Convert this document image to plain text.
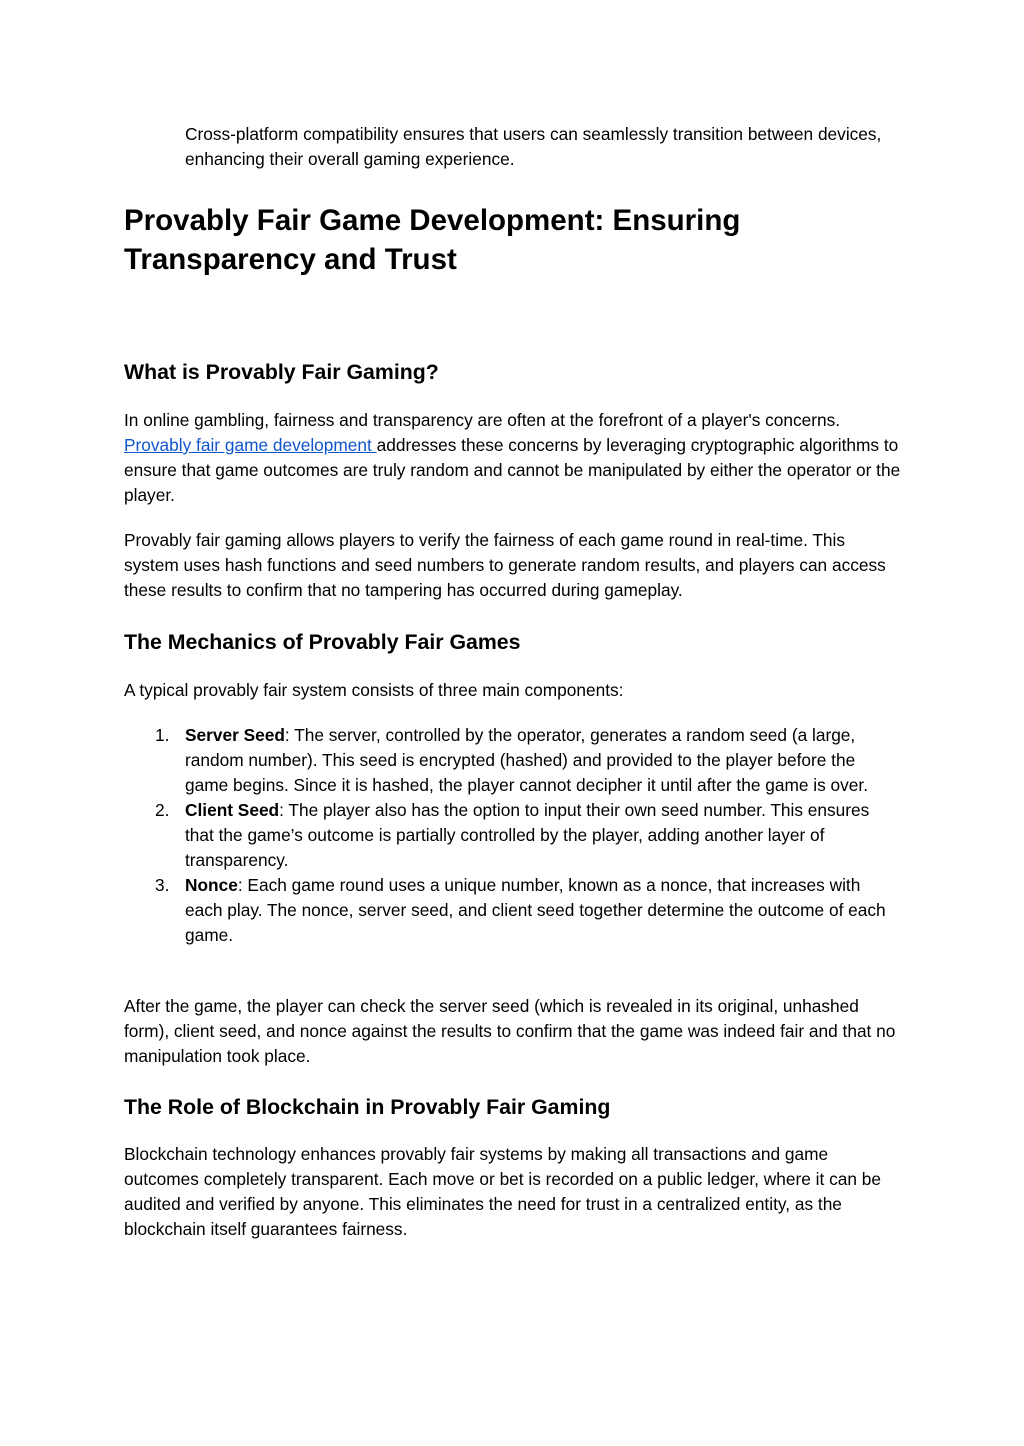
Cross-platform compatibility ensures that users can seamlessly transition between devices, enhancing their overall gaming experience.

Provably Fair Game Development: Ensuring Transparency and Trust
What is Provably Fair Gaming?

In online gambling, fairness and transparency are often at the forefront of a player's concerns. Provably fair game development addresses these concerns by leveraging cryptographic algorithms to ensure that game outcomes are truly random and cannot be manipulated by either the operator or the player.

Provably fair gaming allows players to verify the fairness of each game round in real-time. This system uses hash functions and seed numbers to generate random results, and players can access these results to confirm that no tampering has occurred during gameplay.

The Mechanics of Provably Fair Games

A typical provably fair system consists of three main components:

1. Server Seed: The server, controlled by the operator, generates a random seed (a large, random number). This seed is encrypted (hashed) and provided to the player before the game begins. Since it is hashed, the player cannot decipher it until after the game is over.
2. Client Seed: The player also has the option to input their own seed number. This ensures that the game’s outcome is partially controlled by the player, adding another layer of transparency.
3. Nonce: Each game round uses a unique number, known as a nonce, that increases with each play. The nonce, server seed, and client seed together determine the outcome of each game.

After the game, the player can check the server seed (which is revealed in its original, unhashed form), client seed, and nonce against the results to confirm that the game was indeed fair and that no manipulation took place.

The Role of Blockchain in Provably Fair Gaming

Blockchain technology enhances provably fair systems by making all transactions and game outcomes completely transparent. Each move or bet is recorded on a public ledger, where it can be audited and verified by anyone. This eliminates the need for trust in a centralized entity, as the blockchain itself guarantees fairness.
